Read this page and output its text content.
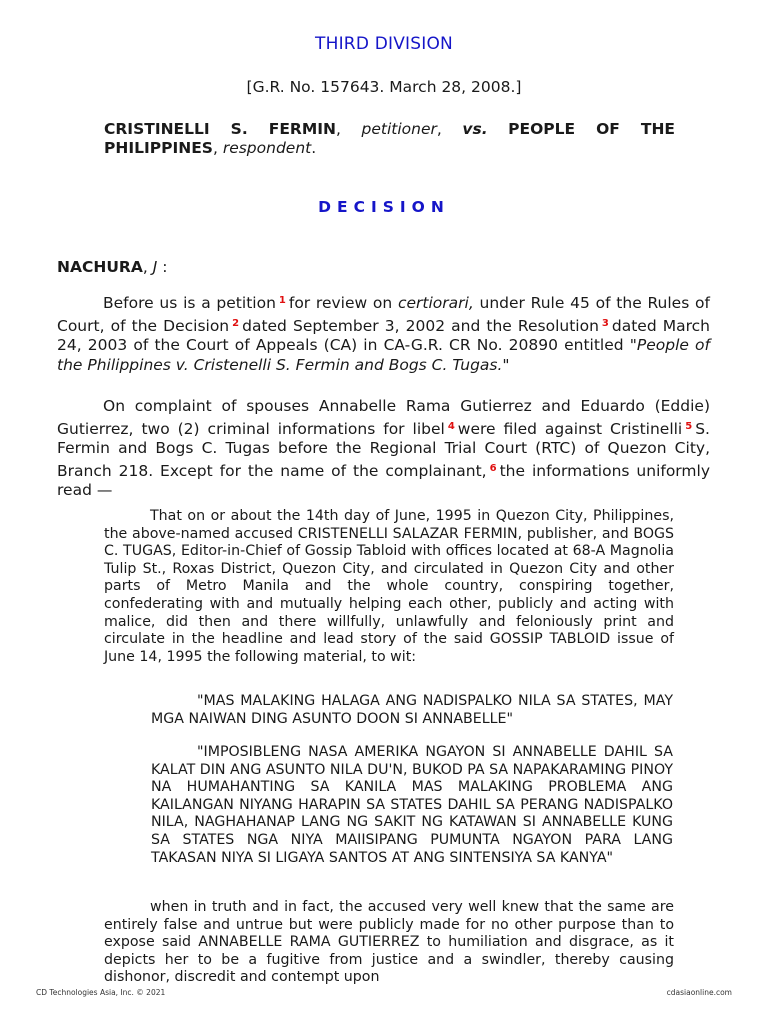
THIRD DIVISION
[G.R. No. 157643. March 28, 2008.]
CRISTINELLI S. FERMIN, petitioner, vs. PEOPLE OF THE PHILIPPINES, respondent.
DECISION
NACHURA, J :
Before us is a petition $^1$ for review on certiorari, under Rule 45 of the Rules of Court, of the Decision $^2$ dated September 3, 2002 and the Resolution $^3$ dated March 24, 2003 of the Court of Appeals (CA) in CA-G.R. CR No. 20890 entitled "People of the Philippines v. Cristenelli S. Fermin and Bogs C. Tugas."
On complaint of spouses Annabelle Rama Gutierrez and Eduardo (Eddie) Gutierrez, two (2) criminal informations for libel $^4$ were filed against Cristinelli $^5$ S. Fermin and Bogs C. Tugas before the Regional Trial Court (RTC) of Quezon City, Branch 218. Except for the name of the complainant, $^6$ the informations uniformly read —
That on or about the 14th day of June, 1995 in Quezon City, Philippines, the above-named accused CRISTENELLI SALAZAR FERMIN, publisher, and BOGS C. TUGAS, Editor-in-Chief of Gossip Tabloid with offices located at 68-A Magnolia Tulip St., Roxas District, Quezon City, and circulated in Quezon City and other parts of Metro Manila and the whole country, conspiring together, confederating with and mutually helping each other, publicly and acting with malice, did then and there willfully, unlawfully and feloniously print and circulate in the headline and lead story of the said GOSSIP TABLOID issue of June 14, 1995 the following material, to wit:
"MAS MALAKING HALAGA ANG NADISPALKO NILA SA STATES, MAY MGA NAIWAN DING ASUNTO DOON SI ANNABELLE"
"IMPOSIBLENG NASA AMERIKA NGAYON SI ANNABELLE DAHIL SA KALAT DIN ANG ASUNTO NILA DU'N, BUKOD PA SA NAPAKARAMING PINOY NA HUMAHANTING SA KANILA MAS MALAKING PROBLEMA ANG KAILANGAN NIYANG HARAPIN SA STATES DAHIL SA PERANG NADISPALKO NILA, NAGHAHANAP LANG NG SAKIT NG KATAWAN SI ANNABELLE KUNG SA STATES NGA NIYA MAIISIPANG PUMUNTA NGAYON PARA LANG TAKASAN NIYA SI LIGAYA SANTOS AT ANG SINTENSIYA SA KANYA"
when in truth and in fact, the accused very well knew that the same are entirely false and untrue but were publicly made for no other purpose than to expose said ANNABELLE RAMA GUTIERREZ to humiliation and disgrace, as it depicts her to be a fugitive from justice and a swindler, thereby causing dishonor, discredit and contempt upon
CD Technologies Asia, Inc. © 2021	cdasiaonline.com
